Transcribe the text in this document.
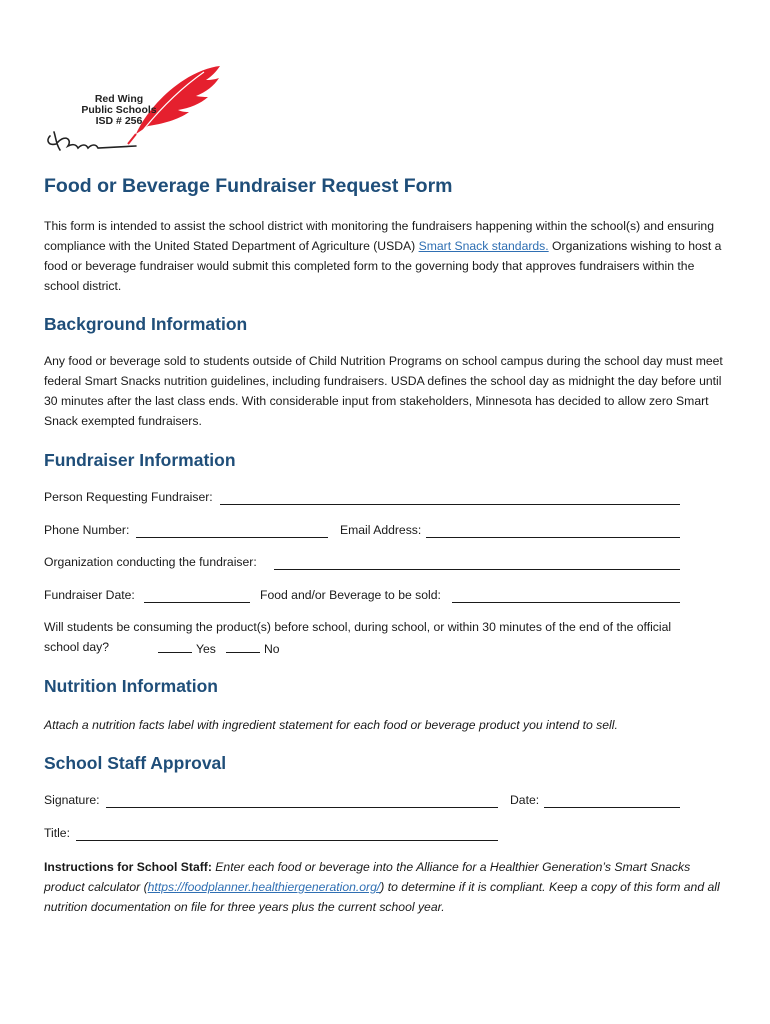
Red Wing
Public Schools
ISD # 256
Food or Beverage Fundraiser Request Form

This form is intended to assist the school district with monitoring the fundraisers happening within the school(s) and ensuring compliance with the United Stated Department of Agriculture (USDA) Smart Snack standards. Organizations wishing to host a food or beverage fundraiser would submit this completed form to the governing body that approves fundraisers within the school district.

Background Information

Any food or beverage sold to students outside of Child Nutrition Programs on school campus during the school day must meet federal Smart Snacks nutrition guidelines, including fundraisers. USDA defines the school day as midnight the day before until 30 minutes after the last class ends. With considerable input from stakeholders, Minnesota has decided to allow zero Smart Snack exempted fundraisers.

Fundraiser Information
Person Requesting Fundraiser:
Phone Number:	Email Address:
Organization conducting the fundraiser:
Fundraiser Date:	Food and/or Beverage to be sold:
Will students be consuming the product(s) before school, during school, or within 30 minutes of the end of the official
school day?	Yes	No
Nutrition Information

Attach a nutrition facts label with ingredient statement for each food or beverage product you intend to sell.

School Staff Approval
Signature:	Date:
Title:

Instructions for School Staff: Enter each food or beverage into the Alliance for a Healthier Generation’s Smart Snacks product calculator (https://foodplanner.healthiergeneration.org/) to determine if it is compliant. Keep a copy of this form and all nutrition documentation on file for three years plus the current school year.
